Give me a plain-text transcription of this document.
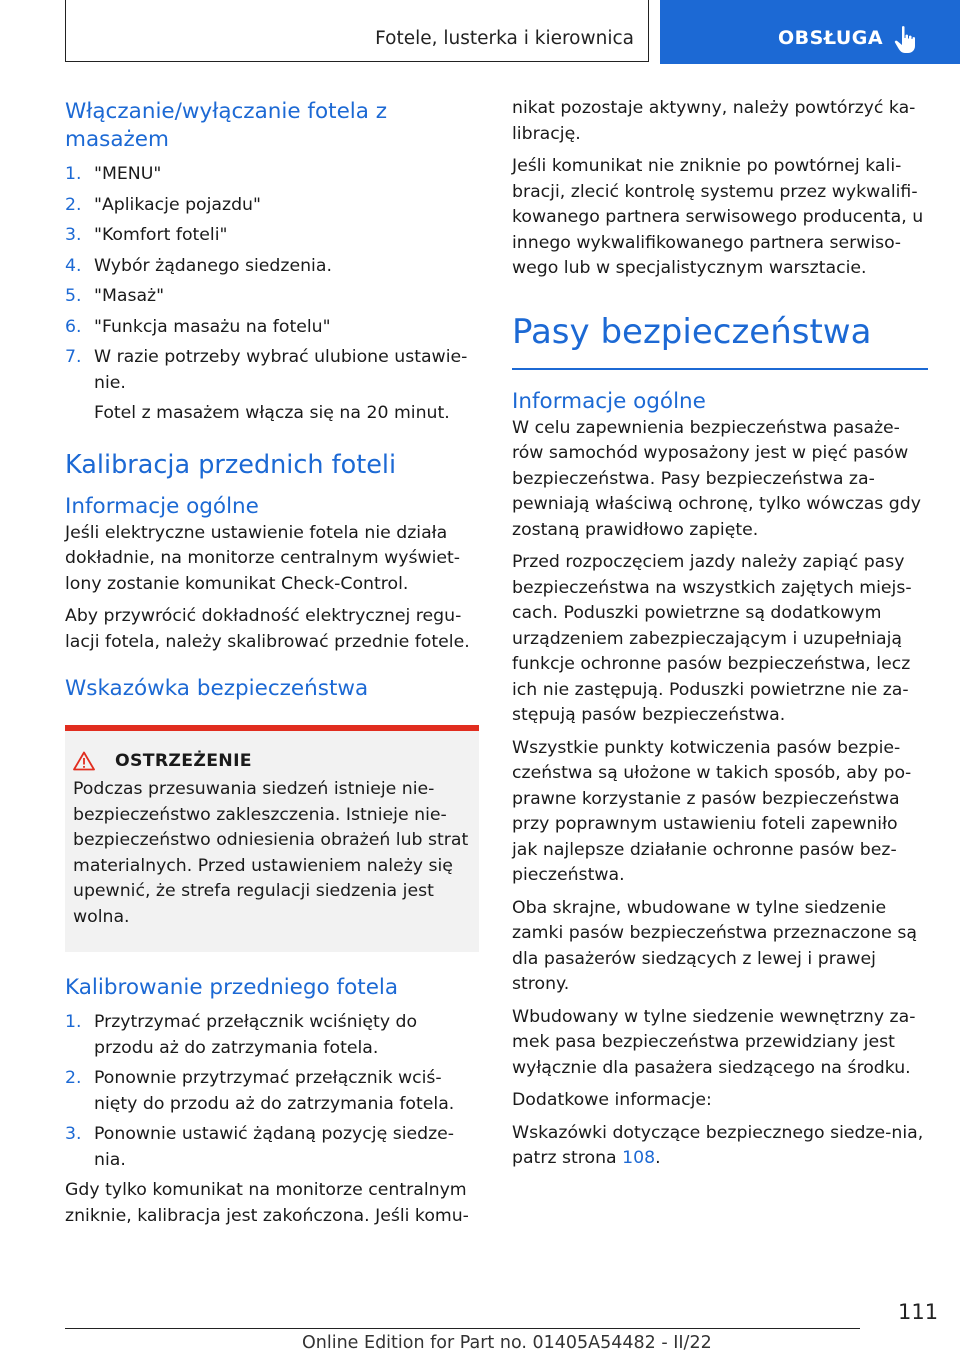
Fotele, lusterka i kierownica	OBSŁUGA
Włączanie/wyłączanie fotela z masażem
1. "MENU"
2. "Aplikacje pojazdu"
3. "Komfort foteli"
4. Wybór żądanego siedzenia.
5. "Masaż"
6. "Funkcja masażu na fotelu"
7. W razie potrzeby wybrać ulubione ustawie‐nie.
Fotel z masażem włącza się na 20 minut.
Kalibracja przednich foteli
Informacje ogólne

Jeśli elektryczne ustawienie fotela nie działa dokładnie, na monitorze centralnym wyświet‐lony zostanie komunikat Check-Control.

Aby przywrócić dokładność elektrycznej regu‐lacji fotela, należy skalibrować przednie fotele.

Wskazówka bezpieczeństwa
OSTRZEŻENIE

Podczas przesuwania siedzeń istnieje nie‐bezpieczeństwo zakleszczenia. Istnieje nie‐bezpieczeństwo odniesienia obrażeń lub strat materialnych. Przed ustawieniem należy się upewnić, że strefa regulacji siedzenia jest wolna.

Kalibrowanie przedniego fotela
1. Przytrzymać przełącznik wciśnięty do przodu aż do zatrzymania fotela.
2. Ponownie przytrzymać przełącznik wciś‐nięty do przodu aż do zatrzymania fotela.
3. Ponownie ustawić żądaną pozycję siedze‐nia.

Gdy tylko komunikat na monitorze centralnym zniknie, kalibracja jest zakończona. Jeśli komu‐

nikat pozostaje aktywny, należy powtórzyć ka‐librację.

Jeśli komunikat nie zniknie po powtórnej kali‐bracji, zlecić kontrolę systemu przez wykwalifi‐kowanego partnera serwisowego producenta, u innego wykwalifikowanego partnera serwiso‐wego lub w specjalistycznym warsztacie.

Pasy bezpieczeństwa
Informacje ogólne

W celu zapewnienia bezpieczeństwa pasaże‐rów samochód wyposażony jest w pięć pasów bezpieczeństwa. Pasy bezpieczeństwa za‐pewniają właściwą ochronę, tylko wówczas gdy zostaną prawidłowo zapięte.

Przed rozpoczęciem jazdy należy zapiąć pasy bezpieczeństwa na wszystkich zajętych miejs‐cach. Poduszki powietrzne są dodatkowym urządzeniem zabezpieczającym i uzupełniają funkcje ochronne pasów bezpieczeństwa, lecz ich nie zastępują. Poduszki powietrzne nie za‐stępują pasów bezpieczeństwa.

Wszystkie punkty kotwiczenia pasów bezpie‐czeństwa są ułożone w takich sposób, aby po‐prawne korzystanie z pasów bezpieczeństwa przy poprawnym ustawieniu foteli zapewniło jak najlepsze działanie ochronne pasów bez‐pieczeństwa.

Oba skrajne, wbudowane w tylne siedzenie zamki pasów bezpieczeństwa przeznaczone są dla pasażerów siedzących z lewej i prawej strony.

Wbudowany w tylne siedzenie wewnętrzny za‐mek pasa bezpieczeństwa przewidziany jest wyłącznie dla pasażera siedzącego na środku.

Dodatkowe informacje:

Wskazówki dotyczące bezpiecznego siedze‐nia, patrz strona 108.

111
Online Edition for Part no. 01405A54482 - II/22
